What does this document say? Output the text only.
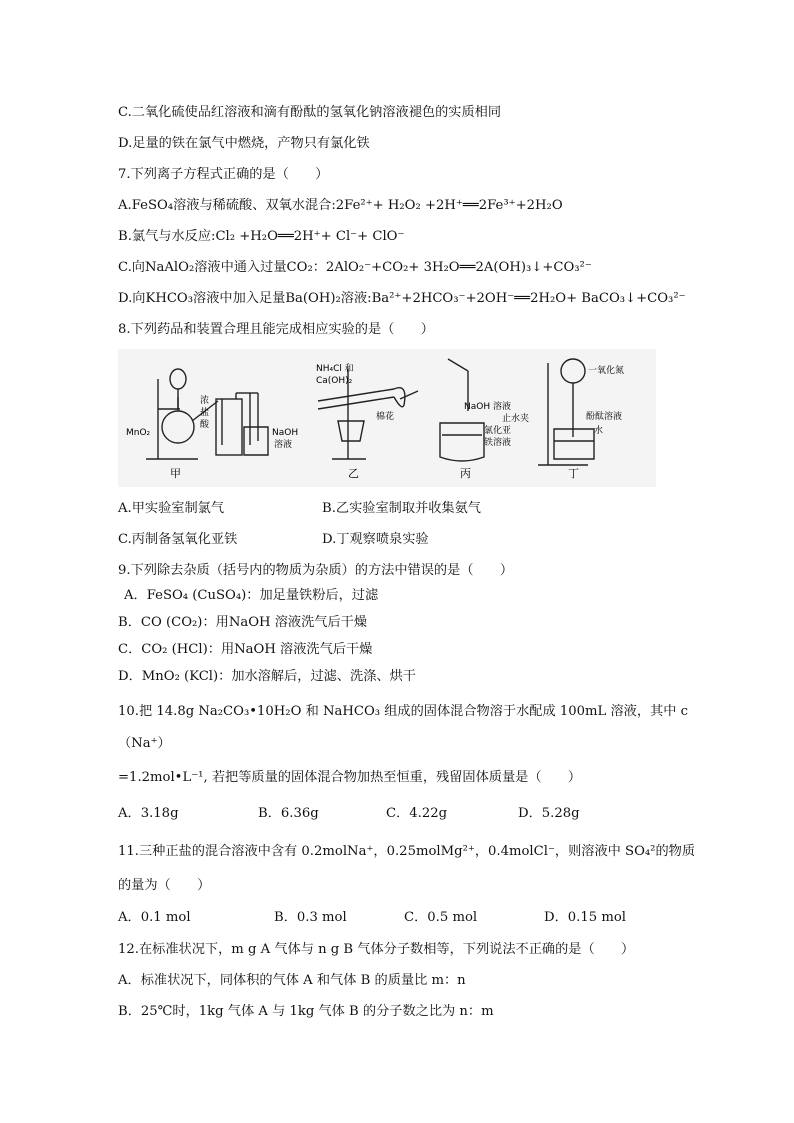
C.二氧化硫使品红溶液和滴有酚酞的氢氧化钠溶液褪色的实质相同
D.足量的铁在氯气中燃烧，产物只有氯化铁
7.下列离子方程式正确的是（　　）
A.FeSO₄溶液与稀硫酸、双氧水混合:2Fe²⁺+ H₂O₂ +2H⁺══2Fe³⁺+2H₂O
B.氯气与水反应:Cl₂ +H₂O══2H⁺+ Cl⁻+ ClO⁻
C.向NaAlO₂溶液中通入过量CO₂：2AlO₂⁻+CO₂+ 3H₂O══2A(OH)₃↓+CO₃²⁻
D.向KHCO₃溶液中加入足量Ba(OH)₂溶液:Ba²⁺+2HCO₃⁻+2OH⁻══2H₂O+ BaCO₃↓+CO₃²⁻
8.下列药品和装置合理且能完成相应实验的是（　　）
甲	乙	丙	丁
MnO₂
浓
盐
酸
NaOH
溶液
NH₄Cl 和
Ca(OH)₂
棉花
NaOH 溶液
氯化亚
铁溶液
一氧化氮
止水夹	酚酞溶液
水
A.甲实验室制氯气	B.乙实验室制取并收集氨气
C.丙制备氢氧化亚铁	D.丁观察喷泉实验
9.下列除去杂质（括号内的物质为杂质）的方法中错误的是（　　）
A．FeSO₄ (CuSO₄)：加足量铁粉后，过滤
B．CO (CO₂)：用NaOH 溶液洗气后干燥
C．CO₂ (HCl)：用NaOH 溶液洗气后干燥
D．MnO₂ (KCl)：加水溶解后，过滤、洗涤、烘干
10.把 14.8g Na₂CO₃•10H₂O 和 NaHCO₃ 组成的固体混合物溶于水配成 100mL 溶液，其中 c
（Na⁺）
=1.2mol•L⁻¹, 若把等质量的固体混合物加热至恒重，残留固体质量是（　　）
A．3.18g	B．6.36g	C．4.22g	D．5.28g
11.三种正盐的混合溶液中含有 0.2molNa⁺，0.25molMg²⁺，0.4molCl⁻，则溶液中 SO₄²的物质
的量为（　　）
A．0.1 mol	B．0.3 mol	C．0.5 mol	D．0.15 mol
12.在标准状况下，m g A 气体与 n g B 气体分子数相等，下列说法不正确的是（　　）
A．标准状况下，同体积的气体 A 和气体 B 的质量比 m：n
B．25℃时，1kg 气体 A 与 1kg 气体 B 的分子数之比为 n：m
